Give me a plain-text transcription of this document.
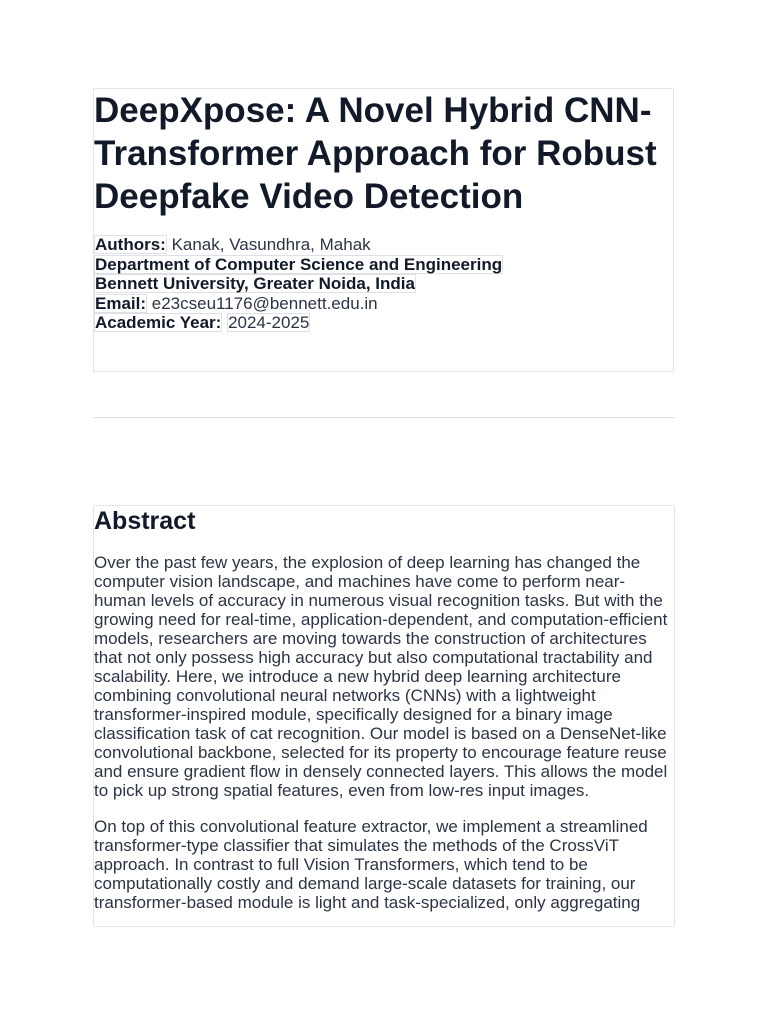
DeepXpose: A Novel Hybrid CNN-Transformer Approach for Robust Deepfake Video Detection
Authors: Kanak, Vasundhra, Mahak
Department of Computer Science and Engineering
Bennett University, Greater Noida, India
Email: e23cseu1176@bennett.edu.in
Academic Year: 2024-2025
Abstract

Over the past few years, the explosion of deep learning has changed the computer vision landscape, and machines have come to perform near-human levels of accuracy in numerous visual recognition tasks. But with the growing need for real-time, application-dependent, and computation-efficient models, researchers are moving towards the construction of architectures that not only possess high accuracy but also computational tractability and scalability. Here, we introduce a new hybrid deep learning architecture combining convolutional neural networks (CNNs) with a lightweight transformer-inspired module, specifically designed for a binary image classification task of cat recognition. Our model is based on a DenseNet-like convolutional backbone, selected for its property to encourage feature reuse and ensure gradient flow in densely connected layers. This allows the model to pick up strong spatial features, even from low-res input images.

On top of this convolutional feature extractor, we implement a streamlined transformer-type classifier that simulates the methods of the CrossViT approach. In contrast to full Vision Transformers, which tend to be computationally costly and demand large-scale datasets for training, our transformer-based module is light and task-specialized, only aggregating
